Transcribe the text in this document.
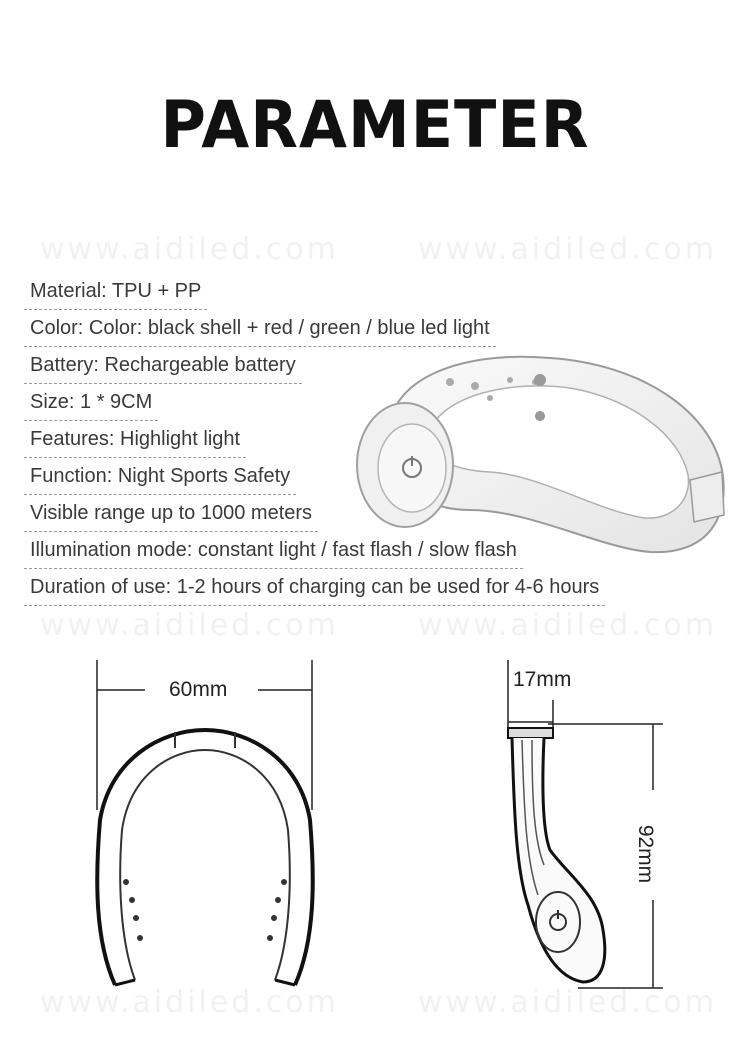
www.aidiled.com	www.aidiled.com
www.aidiled.com	www.aidiled.com
www.aidiled.com	www.aidiled.com
PARAMETER
Material: TPU + PP
Color: Color: black shell + red / green / blue led light
Battery: Rechargeable battery
Size: 1 * 9CM
Features: Highlight light
Function: Night Sports Safety
Visible range up to 1000 meters
Illumination mode: constant light / fast flash / slow flash
Duration of use: 1-2 hours of charging can be used for 4-6 hours
60mm	17mm
92mm
